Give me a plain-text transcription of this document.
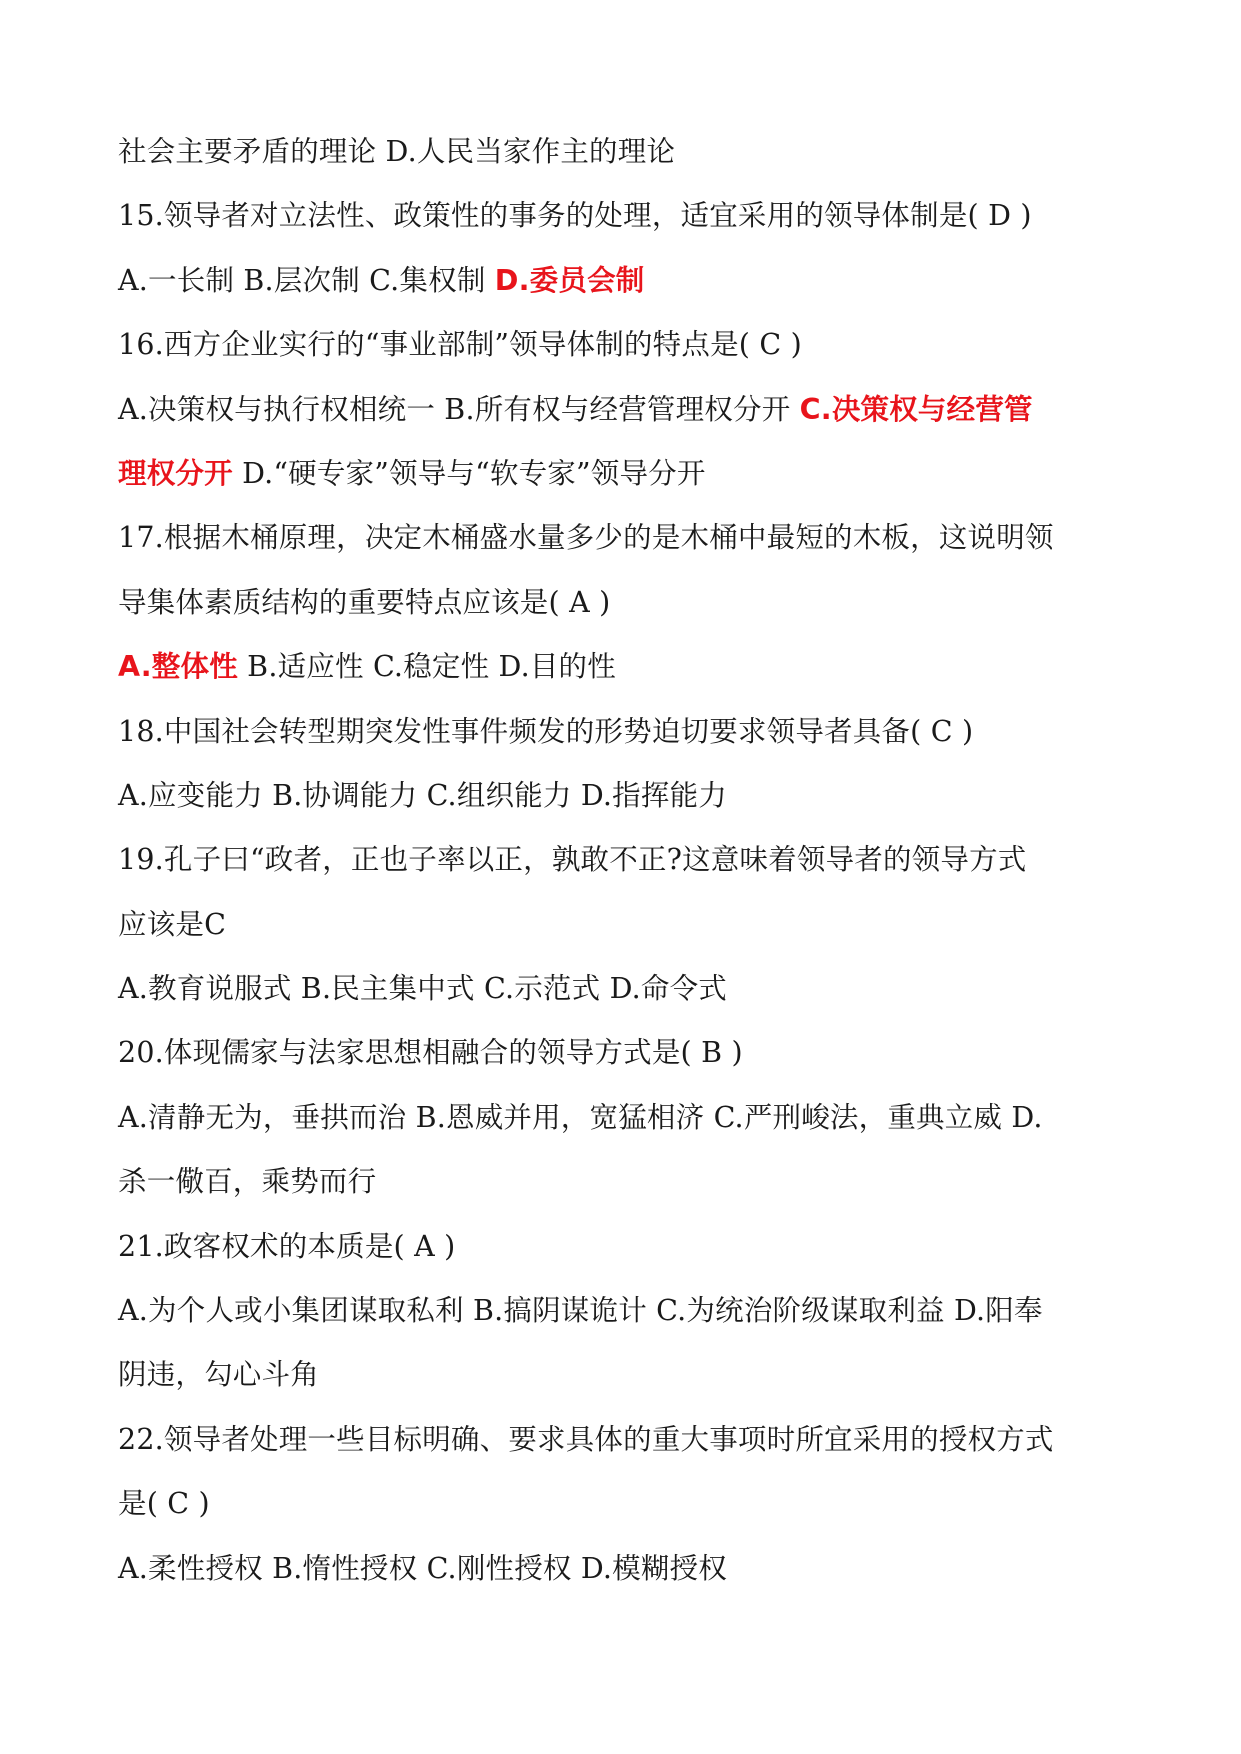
社会主要矛盾的理论 D.人民当家作主的理论
15.领导者对立法性、政策性的事务的处理，适宜采用的领导体制是( D )
A.一长制 B.层次制 C.集权制 D.委员会制
16.西方企业实行的“事业部制”领导体制的特点是( C )
A.决策权与执行权相统一 B.所有权与经营管理权分开 C.决策权与经营管
理权分开 D.“硬专家”领导与“软专家”领导分开
17.根据木桶原理，决定木桶盛水量多少的是木桶中最短的木板，这说明领
导集体素质结构的重要特点应该是( A )
A.整体性 B.适应性 C.稳定性 D.目的性
18.中国社会转型期突发性事件频发的形势迫切要求领导者具备( C )
A.应变能力 B.协调能力 C.组织能力 D.指挥能力
19.孔子曰“政者，正也子率以正，孰敢不正?这意味着领导者的领导方式
应该是C
A.教育说服式 B.民主集中式 C.示范式 D.命令式
20.体现儒家与法家思想相融合的领导方式是( B )
A.清静无为，垂拱而治 B.恩威并用，宽猛相济 C.严刑峻法，重典立威 D.
杀一儆百，乘势而行
21.政客权术的本质是( A )
A.为个人或小集团谋取私利 B.搞阴谋诡计 C.为统治阶级谋取利益 D.阳奉
阴违，勾心斗角
22.领导者处理一些目标明确、要求具体的重大事项时所宜采用的授权方式
是( C )
A.柔性授权 B.惰性授权 C.刚性授权 D.模糊授权
